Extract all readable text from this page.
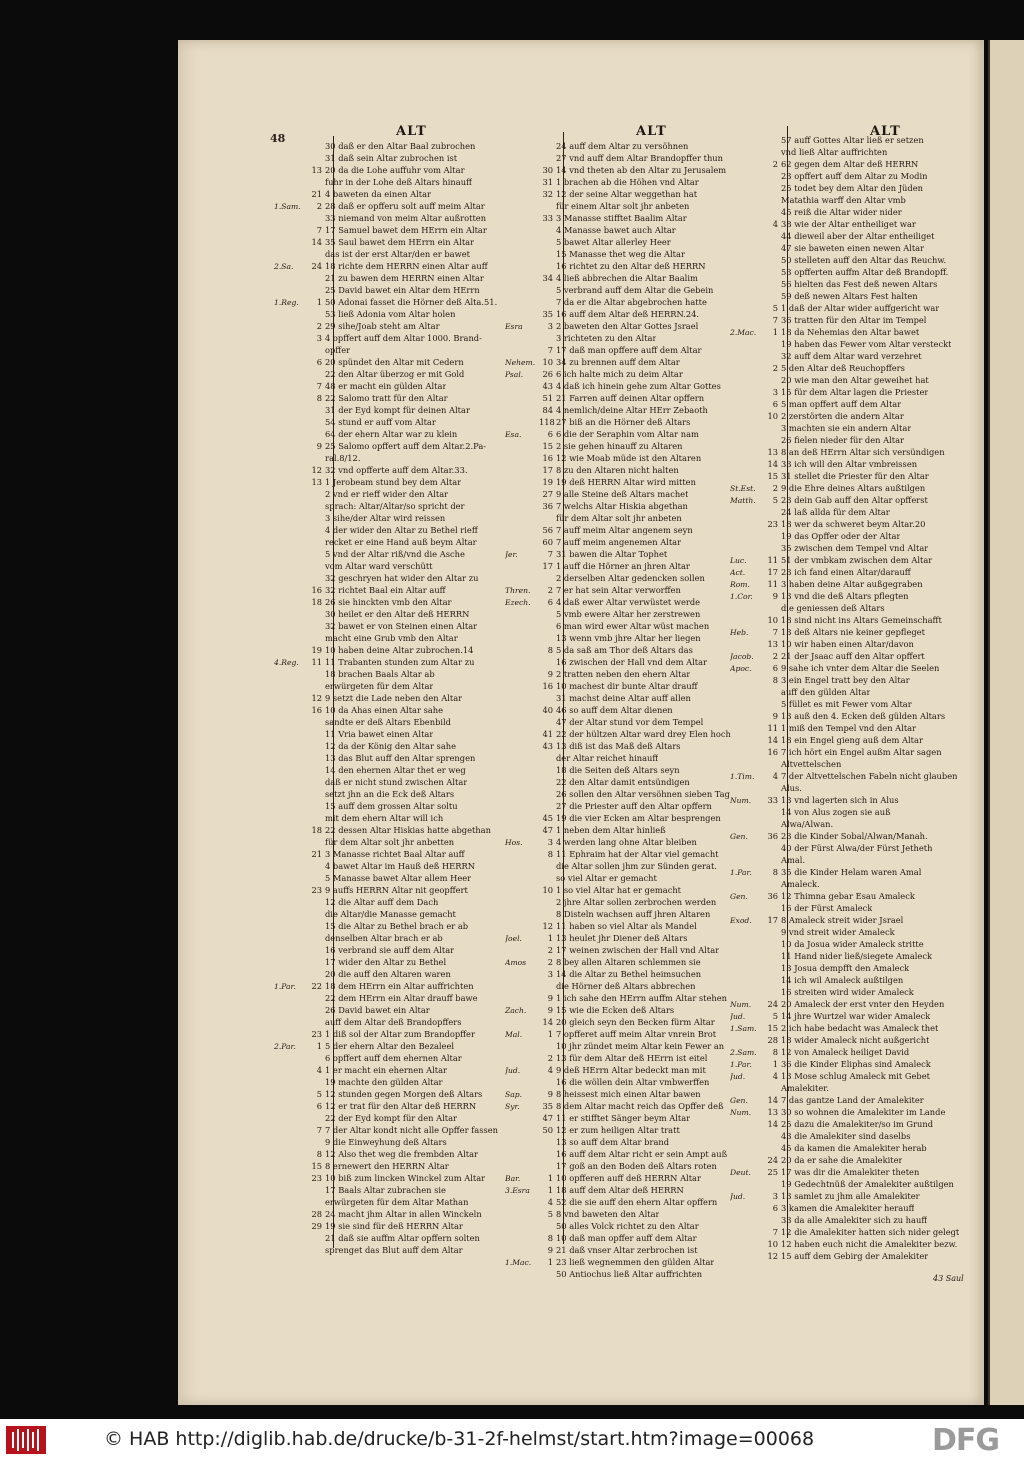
48	ALT	ALT	ALT
30 daß er den Altar Baal zubrochen
31 daß sein Altar zubrochen ist
13 20 da die Lohe auffuhr vom Altar
fuhr in der Lohe deß Altars hinauff
21 4 baweten da einen Altar
1.Sam. 2 28 daß er opfferu solt auff meim Altar
33 niemand von meim Altar außrotten
7 17 Samuel bawet dem HErrn ein Altar
14 35 Saul bawet dem HErrn ein Altar
das ist der erst Altar/den er bawet
2.Sa. 24 18 richte dem HERRN einen Altar auff
21 zu bawen dem HERRN einen Altar
25 David bawet ein Altar dem HErrn
1.Reg. 1 50 Adonai fasset die Hörner deß Alta.51.
53 ließ Adonia vom Altar holen
2 29 sihe/Joab steht am Altar
3 4 opffert auff dem Altar 1000. Brand-
opffer
6 20 spündet den Altar mit Cedern
22 den Altar überzog er mit Gold
7 48 er macht ein gülden Altar
8 22 Salomo tratt für den Altar
31 der Eyd kompt für deinen Altar
54 stund er auff vom Altar
64 der ehern Altar war zu klein
9 25 Salomo opffert auff dem Altar.2.Pa-
ral.8/12.
12 32 vnd opfferte auff dem Altar.33.
13 1 Jerobeam stund bey dem Altar
2 vnd er rieff wider den Altar
sprach: Altar/Altar/so spricht der
3 sihe/der Altar wird reissen
4 der wider den Altar zu Bethel rieff
recket er eine Hand auß beym Altar
5 vnd der Altar riß/vnd die Asche
vom Altar ward verschütt
32 geschryen hat wider den Altar zu
16 32 richtet Baal ein Altar auff
18 26 sie hinckten vmb den Altar
30 heilet er den Altar deß HERRN
32 bawet er von Steinen einen Altar
macht eine Grub vmb den Altar
19 10 haben deine Altar zubrochen.14
4.Reg. 11 11 Trabanten stunden zum Altar zu
18 brachen Baals Altar ab
erwürgeten für dem Altar
12 9 setzt die Lade neben den Altar
16 10 da Ahas einen Altar sahe
sandte er deß Altars Ebenbild
11 Vria bawet einen Altar
12 da der König den Altar sahe
13 das Blut auff den Altar sprengen
14 den ehernen Altar thet er weg
daß er nicht stund zwischen Altar
setzt jhn an die Eck deß Altars
15 auff dem grossen Altar soltu
mit dem ehern Altar will ich
18 22 dessen Altar Hiskias hatte abgethan
für dem Altar solt jhr anbetten
21 3 Manasse richtet Baal Altar auff
4 bawet Altar im Hauß deß HERRN
5 Manasse bawet Altar allem Heer
23 9 auffs HERRN Altar nit geopffert
12 die Altar auff dem Dach
die Altar/die Manasse gemacht
15 die Altar zu Bethel brach er ab
denselben Altar brach er ab
16 verbrand sie auff dem Altar
17 wider den Altar zu Bethel
20 die auff den Altaren waren
1.Par. 22 18 dem HErrn ein Altar auffrichten
22 dem HErrn ein Altar drauff bawe
26 David bawet ein Altar
auff dem Altar deß Brandopffers
23 1 diß sol der Altar zum Brandopffer
2.Par.	1 5 der ehern Altar den Bezaleel
6 opffert auff dem ehernen Altar
4 1 er macht ein ehernen Altar
19 machte den gülden Altar
5 12 stunden gegen Morgen deß Altars
6 12 er trat für den Altar deß HERRN
22 der Eyd kompt für den Altar
7 7 der Altar kondt nicht alle Opffer fassen
9 die Einweyhung deß Altars
8 12 Also thet weg die frembden Altar
15 8 ernewert den HERRN Altar
23 10 biß zum lincken Winckel zum Altar
17 Baals Altar zubrachen sie
erwürgeten für dem Altar Mathan
28 24 macht jhm Altar in allen Winckeln
29 19 sie sind für deß HERRN Altar
21 daß sie auffm Altar opffern solten
sprenget das Blut auff dem Altar
24 auff dem Altar zu versöhnen
27 vnd auff dem Altar Brandopffer thun
30 14 vnd theten ab den Altar zu Jerusalem
31 1 brachen ab die Höhen vnd Altar
32 12 der seine Altar weggethan hat
für einem Altar solt jhr anbeten
33 3 Manasse stifftet Baalim Altar
4 Manasse bawet auch Altar
5 bawet Altar allerley Heer
15 Manasse thet weg die Altar
16 richtet zu den Altar deß HERRN
34 4 ließ abbrechen die Altar Baalim
5 verbrand auff dem Altar die Gebein
7 da er die Altar abgebrochen hatte
35 16 auff dem Altar deß HERRN.24.
Esra	3 2 baweten den Altar Gottes Jsrael
3 richteten zu den Altar
7 17 daß man opffere auff dem Altar
Nehem. 10 34 zu brennen auff dem Altar
Psal. 26 6 ich halte mich zu deim Altar
43 4 daß ich hinein gehe zum Altar Gottes
51 21 Farren auff deinen Altar opffern
84 4 nemlich/deine Altar HErr Zebaoth
11827 biß an die Hörner deß Altars
Esa.	6 6 die der Seraphin vom Altar nam
15 2 sie gehen hinauff zu Altaren
16 12 wie Moab müde ist den Altaren
17 8 zu den Altaren nicht halten
19 19 deß HERRN Altar wird mitten
27 9 alle Steine deß Altars machet
36 7 welchs Altar Hiskia abgethan
für dem Altar solt jhr anbeten
56 7 auff meim Altar angenem seyn
60 7 auff meim angenemen Altar
Jer.	7 31 bawen die Altar Tophet
17 1 auff die Hörner an jhren Altar
2 derselben Altar gedencken sollen
Thren. 2 7 er hat sein Altar verworffen
Ezech. 6 4 daß ewer Altar verwüstet werde
5 vmb ewere Altar her zerstrewen
6 man wird ewer Altar wüst machen
13 wenn vmb jhre Altar her liegen
8 5 da saß am Thor deß Altars das
16 zwischen der Hall vnd dem Altar
9 2 tratten neben den ehern Altar
16 10 machest dir bunte Altar drauff
31 machst deine Altar auff allen
40 46 so auff dem Altar dienen
47 der Altar stund vor dem Tempel
41 22 der hültzen Altar ward drey Elen hoch
43 13 diß ist das Maß deß Altars
der Altar reichet hinauff
18 die Seiten deß Altars seyn
22 den Altar damit entsündigen
26 sollen den Altar versöhnen sieben Tag
27 die Priester auff den Altar opffern
45 19 die vier Ecken am Altar besprengen
47 1 neben dem Altar hinließ
Hos.	3 4 werden lang ohne Altar bleiben
8 11 Ephraim hat der Altar viel gemacht
die Altar sollen jhm zur Sünden gerat.
so viel Altar er gemacht
10 1 so viel Altar hat er gemacht
2 jhre Altar sollen zerbrochen werden
8 Disteln wachsen auff jhren Altaren
12 11 haben so viel Altar als Mandel
Joel.	1 13 heulet jhr Diener deß Altars
2 17 weinen zwischen der Hall vnd Altar
Amos	2 8 bey allen Altaren schlemmen sie
3 14 die Altar zu Bethel heimsuchen
die Hörner deß Altars abbrechen
9 1 ich sahe den HErrn auffm Altar stehen
Zach.	9 15 wie die Ecken deß Altars
14 20 gleich seyn den Becken fürm Altar
Mal.	1 7 opfferet auff meim Altar vnrein Brot
10 jhr zündet meim Altar kein Fewer an
2 13 für dem Altar deß HErrn ist eitel
Jud.	4 9 deß HErrn Altar bedeckt man mit
16 die wöllen dein Altar vmbwerffen
Sap.	9 8 heissest mich einen Altar bawen
Syr.	35 8 dem Altar macht reich das Opffer deß
47 11 er stifftet Sänger beym Altar
50 12 er zum heiligen Altar tratt
13 so auff dem Altar brand
16 auff dem Altar richt er sein Ampt auß
17 goß an den Boden deß Altars roten
Bar.	1 10 opfferen auff deß HERRN Altar
3.Esra 1 18 auff dem Altar deß HERRN
4 52 die sie auff den ehern Altar opffern
5 8 vnd baweten den Altar
50 alles Volck richtet zu den Altar
8 10 daß man opffer auff dem Altar
9 21 daß vnser Altar zerbrochen ist
1.Mac. 1 23 ließ wegnemmen den gülden Altar
50 Antiochus ließ Altar auffrichten
57 auff Gottes Altar ließ er setzen
vnd ließ Altar auffrichten
2 62 gegen dem Altar deß HERRN
23 opffert auff dem Altar zu Modin
25 todet bey dem Altar den Jüden
Matathia warff den Altar vmb
45 reiß die Altar wider nider
4 38 wie der Altar entheiliget war
44 dieweil aber der Altar entheiliget
47 sie baweten einen newen Altar
50 stelleten auff den Altar das Reuchw.
53 opfferten auffm Altar deß Brandopff.
56 hielten das Fest deß newen Altars
59 deß newen Altars Fest halten
5 1 daß der Altar wider auffgericht war
7 36 tratten für den Altar im Tempel
2.Mac. 1 18 da Nehemias den Altar bawet
19 haben das Fewer vom Altar versteckt
32 auff dem Altar ward verzehret
2 5 den Altar deß Reuchopffers
20 wie man den Altar geweihet hat
3 15 für dem Altar lagen die Priester
6 5 man opffert auff dem Altar
10 2 zerstörten die andern Altar
3 machten sie ein andern Altar
26 fielen nieder für den Altar
13 8 an deß HErrn Altar sich versündigen
14 33 ich will den Altar vmbreissen
15 31 stellet die Priester für den Altar
St.Est. 2 9 die Ehre deines Altars außtilgen
Matth. 5 23 dein Gab auff den Altar opfferst
24 laß allda für dem Altar
23 18 wer da schweret beym Altar.20
19 das Opffer oder der Altar
35 zwischen dem Tempel vnd Altar
Luc.	11 51 der vmbkam zwischen dem Altar
Act.	17 23 ich fand einen Altar/darauff
Rom. 11 3 haben deine Altar außgegraben
1.Cor. 9 13 vnd die deß Altars pflegten
die geniessen deß Altars
10 18 sind nicht ins Altars Gemeinschafft
Heb.	7 13 deß Altars nie keiner gepfleget
13 10 wir haben einen Altar/davon
Jacob. 2 21 der Jsaac auff den Altar opffert
Apoc.	6 9 sahe ich vnter dem Altar die Seelen
8 3 ein Engel tratt bey den Altar
auff den gülden Altar
5 füllet es mit Fewer vom Altar
9 13 auß den 4. Ecken deß gülden Altars
11 1 miß den Tempel vnd den Altar
14 18 ein Engel gieng auß dem Altar
16 7 ich hört ein Engel außm Altar sagen
Altvettelschen
1.Tim. 4 7 der Altvettelschen Fabeln nicht glauben
Alus.
Num. 33 13 vnd lagerten sich in Alus
14 von Alus zogen sie auß
Alwa/Alwan.
Gen. 36 23 die Kinder Sobal/Alwan/Manah.
40 der Fürst Alwa/der Fürst Jetheth
Amal.
1.Par.	8 35 die Kinder Helam waren Amal
Amaleck.
Gen. 36 12 Thimna gebar Esau Amaleck
16 der Fürst Amaleck
Exod. 17 8 Amaleck streit wider Jsrael
9 vnd streit wider Amaleck
10 da Josua wider Amaleck stritte
11 Hand nider ließ/siegete Amaleck
13 Josua dempfft den Amaleck
14 ich wil Amaleck außtilgen
16 streiten wird wider Amaleck
Num. 24 20 Amaleck der erst vnter den Heyden
Jud.	5 14 jhre Wurtzel war wider Amaleck
1.Sam. 15 2 ich habe bedacht was Amaleck thet
28 18 wider Amaleck nicht außgericht
2.Sam. 8 12 von Amaleck heiliget David
1.Par.	1 36 die Kinder Eliphas sind Amaleck
Jud.	4 13 Mose schlug Amaleck mit Gebet
Amalekiter.
Gen. 14 7 das gantze Land der Amalekiter
Num. 13 30 so wohnen die Amalekiter im Lande
14 25 dazu die Amalekiter/so im Grund
43 die Amalekiter sind daselbs
45 da kamen die Amalekiter herab
24 20 da er sahe die Amalekiter
Deut. 25 17 was dir die Amalekiter theten
19 Gedechtnüß der Amalekiter außtilgen
Jud.	3 13 samlet zu jhm alle Amalekiter
6 3 kamen die Amalekiter herauff
33 da alle Amalekiter sich zu hauff
7 12 die Amalekiter hatten sich nider gelegt
10 12 haben euch nicht die Amalekiter bezw.
12 15 auff dem Gebirg der Amalekiter
43 Saul
© HAB http://diglib.hab.de/drucke/b-31-2f-helmst/start.htm?image=00068	DFG
